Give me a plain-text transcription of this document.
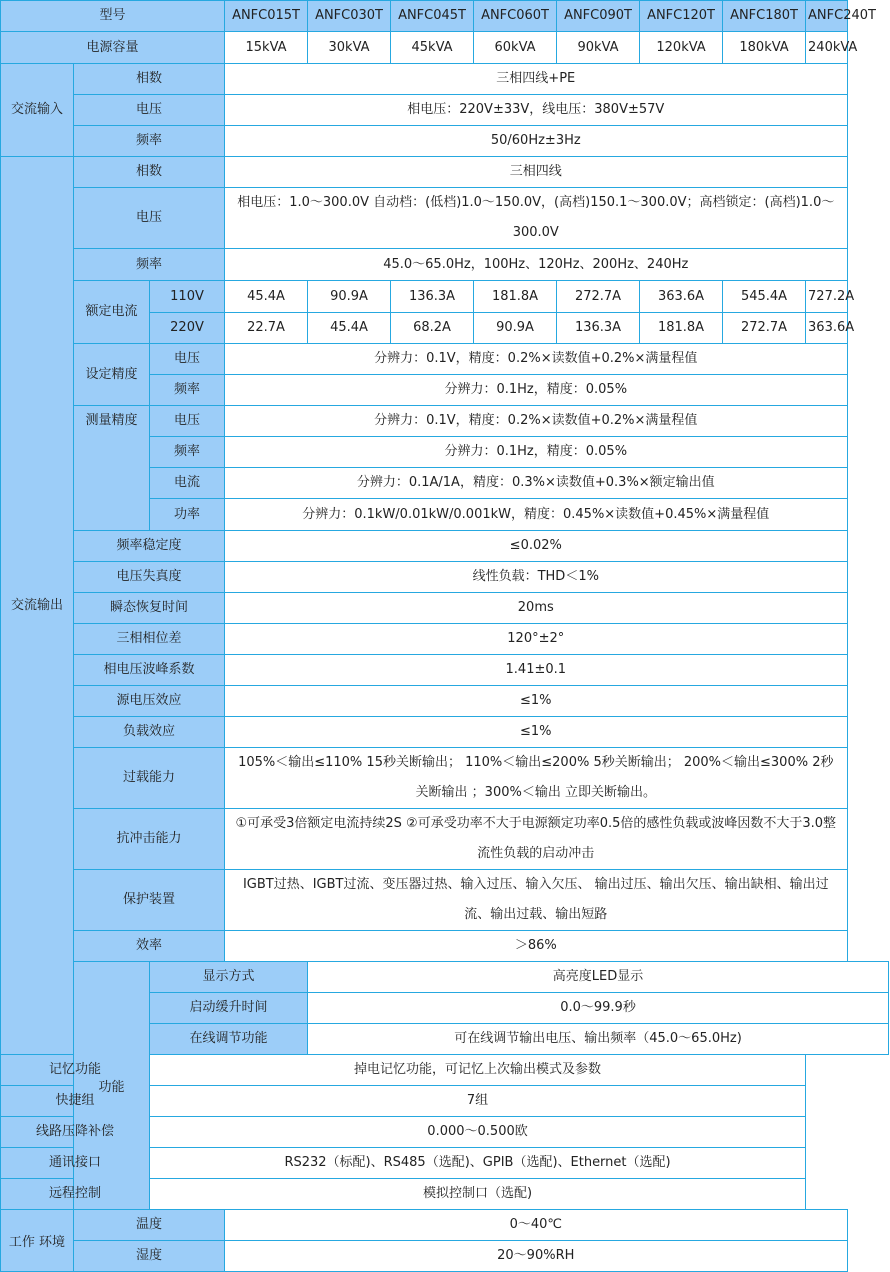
型号			ANFC015T	ANFC030T	ANFC045T	ANFC060T	ANFC090T	ANFC120T	ANFC180T	ANFC240T
电源容量			15kVA	30kVA	45kVA	60kVA	90kVA	120kVA	180kVA	240kVA
交流输入	相数		三相四线+PE							
	电压		相电压：220V±33V，线电压：380V±57V							
	频率		50/60Hz±3Hz							
交流输出	相数		三相四线							
	电压		相电压：1.0～300.0V 自动档：(低档)1.0～150.0V，(高档)150.1～300.0V；高档锁定：(高档)1.0～300.0V							
	频率		45.0～65.0Hz，100Hz、120Hz、200Hz、240Hz							
	额定电流	110V	45.4A	90.9A	136.3A	181.8A	272.7A	363.6A	545.4A	727.2A
		220V	22.7A	45.4A	68.2A	90.9A	136.3A	181.8A	272.7A	363.6A
	设定精度	电压	分辨力：0.1V，精度：0.2%×读数值+0.2%×满量程值							
		频率	分辨力：0.1Hz，精度：0.05%							
	测量精度	电压	分辨力：0.1V，精度：0.2%×读数值+0.2%×满量程值							
		频率	分辨力：0.1Hz，精度：0.05%							
		电流	分辨力：0.1A/1A，精度：0.3%×读数值+0.3%×额定输出值							
		功率	分辨力：0.1kW/0.01kW/0.001kW，精度：0.45%×读数值+0.45%×满量程值							
	频率稳定度		≤0.02%							
	电压失真度		线性负载：THD＜1%							
	瞬态恢复时间		20ms							
	三相相位差		120°±2°							
	相电压波峰系数		1.41±0.1							
	源电压效应		≤1%							
	负载效应		≤1%							
	过载能力		105%＜输出≤110% 15秒关断输出； 110%＜输出≤200% 5秒关断输出； 200%＜输出≤300% 2秒关断输出 ；300%＜输出 立即关断输出。							
	抗冲击能力		①可承受3倍额定电流持续2S ②可承受功率不大于电源额定功率0.5倍的感性负载或波峰因数不大于3.0整流性负载的启动冲击							
	保护装置		IGBT过热、IGBT过流、变压器过热、输入过压、输入欠压、 输出过压、输出欠压、输出缺相、输出过流、输出过载、输出短路							
	效率		＞86%							
	功能	显示方式		高亮度LED显示						
		启动缓升时间		0.0～99.9秒						
		在线调节功能		可在线调节输出电压、输出频率（45.0～65.0Hz)						
记忆功能		掉电记忆功能，可记忆上次输出模式及参数								
快捷组		7组								
线路压降补偿		0.000～0.500欧								
通讯接口		RS232（标配)、RS485（选配)、GPIB（选配)、Ethernet（选配)								
远程控制		模拟控制口（选配)								
工作 环境	温度		0～40℃							
	湿度		20～90%RH							
